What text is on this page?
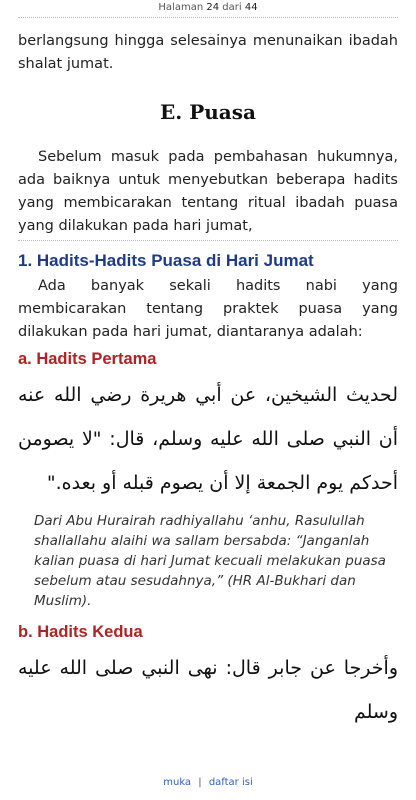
Halaman 24 dari 44

berlangsung hingga selesainya menunaikan ibadah shalat jumat.

E. Puasa

Sebelum masuk pada pembahasan hukumnya, ada baiknya untuk menyebutkan beberapa hadits yang membicarakan tentang ritual ibadah puasa yang dilakukan pada hari jumat,

1. Hadits-Hadits Puasa di Hari Jumat

Ada banyak sekali hadits nabi yang membicarakan tentang praktek puasa yang dilakukan pada hari jumat, diantaranya adalah:

a. Hadits Pertama

لحديث الشيخين، عن أبي هريرة رضي الله عنه أن النبي صلى الله عليه وسلم، قال: "لا يصومن أحدكم يوم الجمعة إلا أن يصوم قبله أو بعده."

Dari Abu Hurairah radhiyallahu ‘anhu, Rasulullah shallallahu alaihi wa sallam bersabda: “Janganlah kalian puasa di hari Jumat kecuali melakukan puasa sebelum atau sesudahnya,” (HR Al-Bukhari dan Muslim).

b. Hadits Kedua

وأخرجا عن جابر قال: نهى النبي صلى الله عليه وسلم

muka | daftar isi
